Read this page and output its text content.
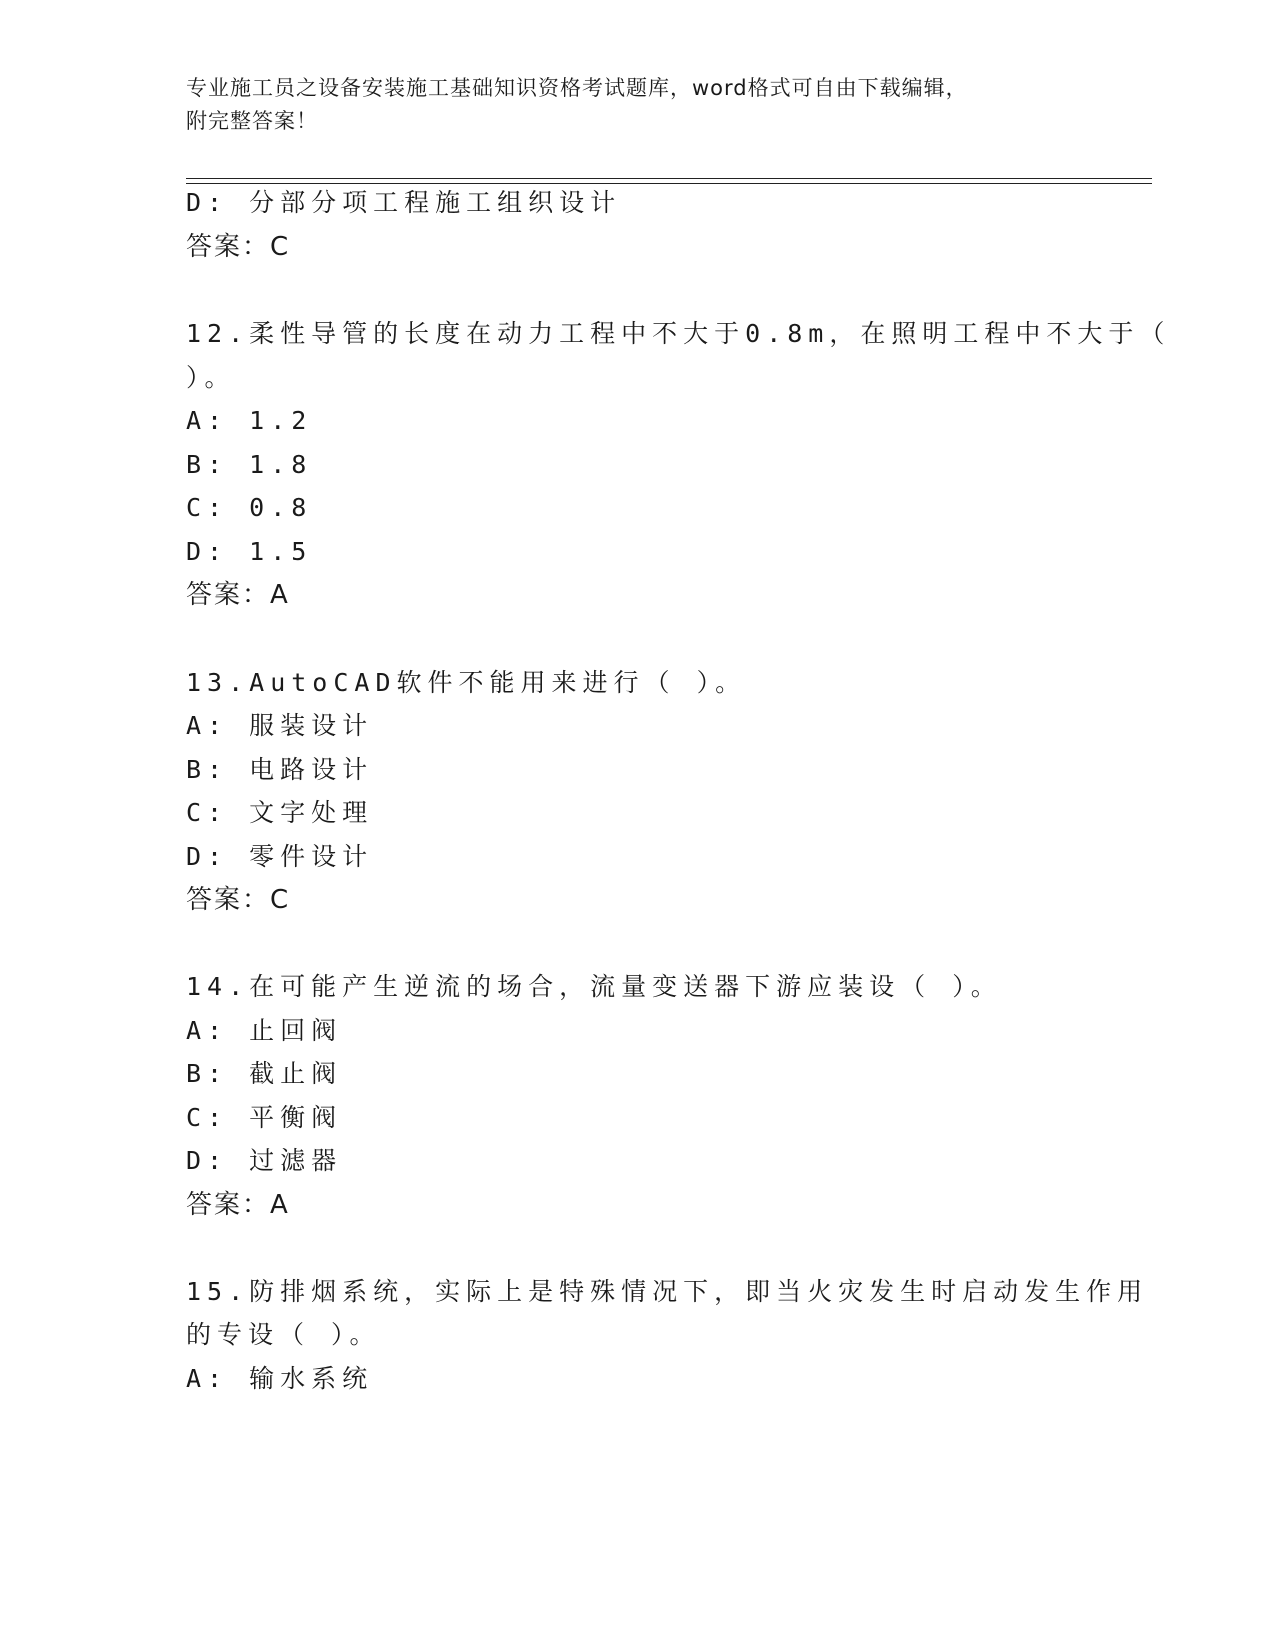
专业施工员之设备安装施工基础知识资格考试题库，word格式可自由下载编辑，
附完整答案！
D: 分部分项工程施工组织设计
答案：C
12.柔性导管的长度在动力工程中不大于0.8m，在照明工程中不大于（
）。
A: 1.2
B: 1.8
C: 0.8
D: 1.5
答案：A
13.AutoCAD软件不能用来进行（ ）。
A: 服装设计
B: 电路设计
C: 文字处理
D: 零件设计
答案：C
14.在可能产生逆流的场合，流量变送器下游应装设（ ）。
A: 止回阀
B: 截止阀
C: 平衡阀
D: 过滤器
答案：A
15.防排烟系统，实际上是特殊情况下，即当火灾发生时启动发生作用
的专设（ ）。
A: 输水系统
